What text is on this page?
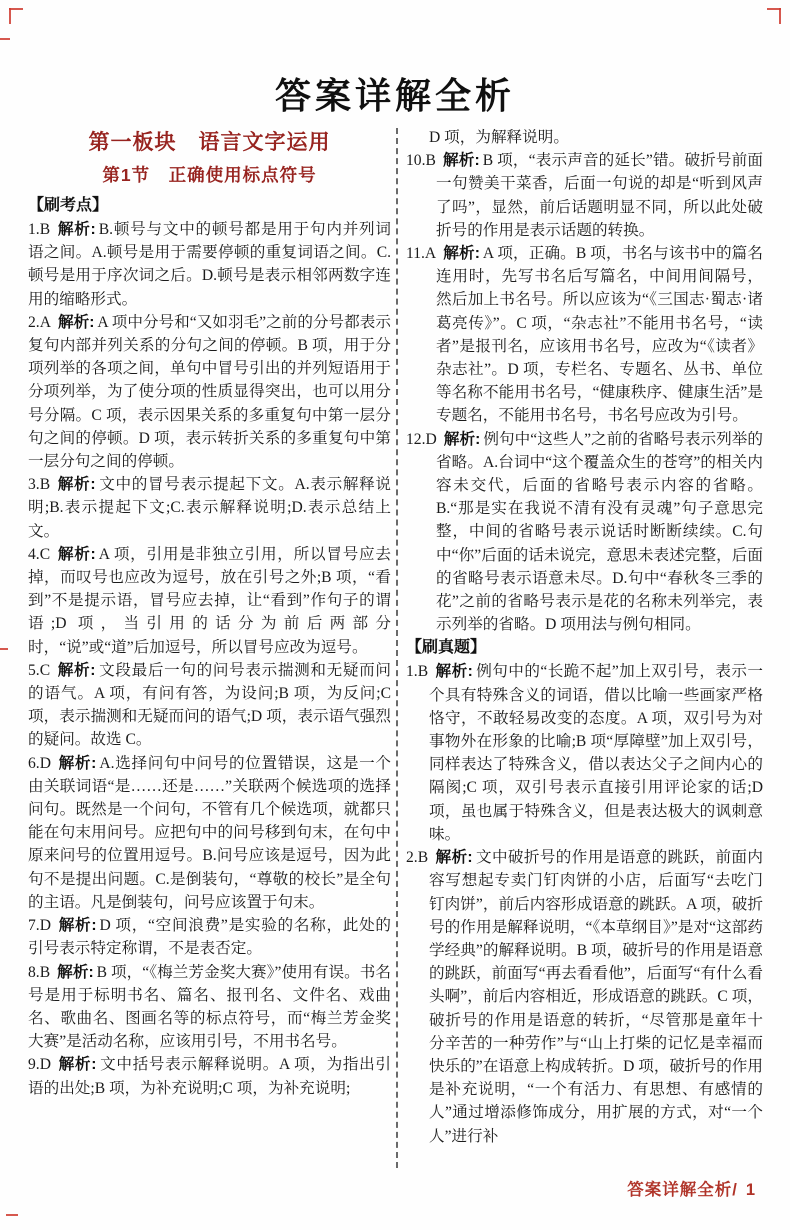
答案详解全析
第一板块　语言文字运用
第1节　正确使用标点符号

【刷考点】

1.B 解析: B.顿号与文中的顿号都是用于句内并列词语之间。A.顿号是用于需要停顿的重复词语之间。C.顿号是用于序次词之后。D.顿号是表示相邻两数字连用的缩略形式。

2.A 解析: A 项中分号和“又如羽毛”之前的分号都表示复句内部并列关系的分句之间的停顿。B 项，用于分项列举的各项之间，单句中冒号引出的并列短语用于分项列举，为了使分项的性质显得突出，也可以用分号分隔。C 项，表示因果关系的多重复句中第一层分句之间的停顿。D 项，表示转折关系的多重复句中第一层分句之间的停顿。

3.B 解析: 文中的冒号表示提起下文。A.表示解释说明;B.表示提起下文;C.表示解释说明;D.表示总结上文。

4.C 解析: A 项，引用是非独立引用，所以冒号应去掉，而叹号也应改为逗号，放在引号之外;B 项，“看到”不是提示语，冒号应去掉，让“看到”作句子的谓语;D 项，当引用的话分为前后两部分时，“说”或“道”后加逗号，所以冒号应改为逗号。

5.C 解析: 文段最后一句的问号表示揣测和无疑而问的语气。A 项，有问有答，为设问;B 项，为反问;C 项，表示揣测和无疑而问的语气;D 项，表示语气强烈的疑问。故选 C。

6.D 解析: A.选择问句中问号的位置错误，这是一个由关联词语“是……还是……”关联两个候选项的选择问句。既然是一个问句，不管有几个候选项，就都只能在句末用问号。应把句中的问号移到句末，在句中原来问号的位置用逗号。B.问号应该是逗号，因为此句不是提出问题。C.是倒装句，“尊敬的校长”是全句的主语。凡是倒装句，问号应该置于句末。

7.D 解析: D 项，“空间浪费”是实验的名称，此处的引号表示特定称谓，不是表否定。

8.B 解析: B 项，“《梅兰芳金奖大赛》”使用有误。书名号是用于标明书名、篇名、报刊名、文件名、戏曲名、歌曲名、图画名等的标点符号，而“梅兰芳金奖大赛”是活动名称，应该用引号，不用书名号。

9.D 解析: 文中括号表示解释说明。A 项，为指出引语的出处;B 项，为补充说明;C 项，为补充说明;

D 项，为解释说明。

10.B 解析: B 项，“表示声音的延长”错。破折号前面一句赞美干菜香，后面一句说的却是“听到风声了吗”，显然，前后话题明显不同，所以此处破折号的作用是表示话题的转换。

11.A 解析: A 项，正确。B 项，书名与该书中的篇名连用时，先写书名后写篇名，中间用间隔号，然后加上书名号。所以应该为“《三国志·蜀志·诸葛亮传》”。C 项，“杂志社”不能用书名号，“读者”是报刊名，应该用书名号，应改为“《读者》杂志社”。D 项，专栏名、专题名、丛书、单位等名称不能用书名号，“健康秩序、健康生活”是专题名，不能用书名号，书名号应改为引号。

12.D 解析: 例句中“这些人”之前的省略号表示列举的省略。A.台词中“这个覆盖众生的苍穹”的相关内容未交代，后面的省略号表示内容的省略。B.“那是实在我说不清有没有灵魂”句子意思完整，中间的省略号表示说话时断断续续。C.句中“你”后面的话未说完，意思未表述完整，后面的省略号表示语意未尽。D.句中“春秋冬三季的花”之前的省略号表示是花的名称未列举完，表示列举的省略。D 项用法与例句相同。

【刷真题】

1.B 解析: 例句中的“长跪不起”加上双引号，表示一个具有特殊含义的词语，借以比喻一些画家严格恪守，不敢轻易改变的态度。A 项，双引号为对事物外在形象的比喻;B 项“厚障壁”加上双引号，同样表达了特殊含义，借以表达父子之间内心的隔阂;C 项，双引号表示直接引用评论家的话;D 项，虽也属于特殊含义，但是表达极大的讽刺意味。

2.B 解析: 文中破折号的作用是语意的跳跃，前面内容写想起专卖门钉肉饼的小店，后面写“去吃门钉肉饼”，前后内容形成语意的跳跃。A 项，破折号的作用是解释说明，“《本草纲目》”是对“这部药学经典”的解释说明。B 项，破折号的作用是语意的跳跃，前面写“再去看看他”，后面写“有什么看头啊”，前后内容相近，形成语意的跳跃。C 项，破折号的作用是语意的转折，“尽管那是童年十分辛苦的一种劳作”与“山上打柴的记忆是幸福而快乐的”在语意上构成转折。D 项，破折号的作用是补充说明，“一个有活力、有思想、有感情的人”通过增添修饰成分，用扩展的方式，对“一个人”进行补

答案详解全析/ 1
